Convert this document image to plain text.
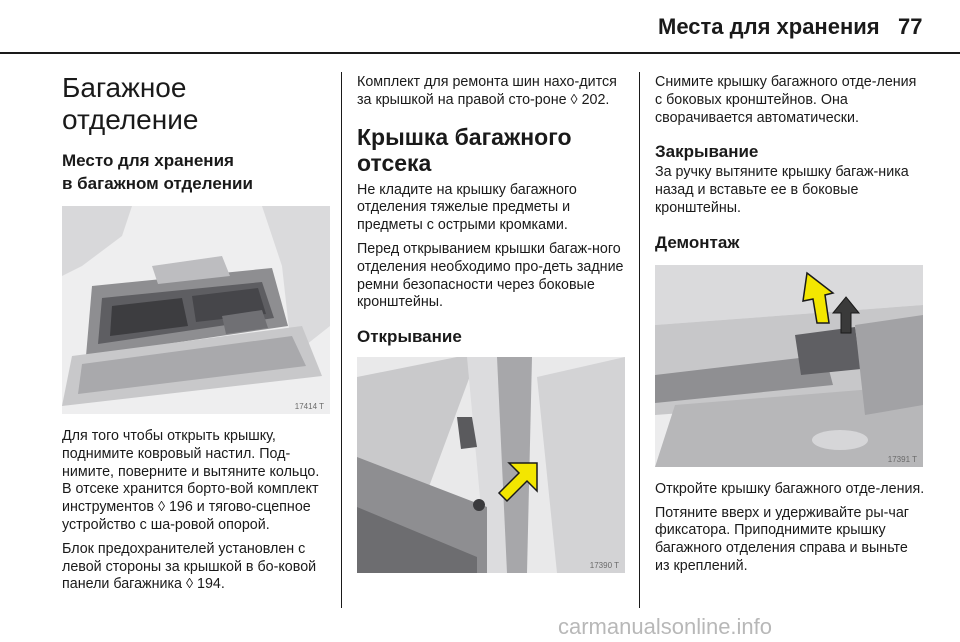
Места для хранения 77
Багажное отделение
Место для хранения
в багажном отделении
17414 T

Для того чтобы открыть крышку, поднимите ковровый настил. Под-нимите, поверните и вытяните кольцо. В отсеке хранится борто-вой комплект инструментов ◊ 196 и тягово-сцепное устройство с ша-ровой опорой.

Блок предохранителей установлен с левой стороны за крышкой в бо-ковой панели багажника ◊ 194.

Комплект для ремонта шин нахо-дится за крышкой на правой сто-роне ◊ 202.

Крышка багажного отсека

Не кладите на крышку багажного отделения тяжелые предметы и предметы с острыми кромками.

Перед открыванием крышки багаж-ного отделения необходимо про-деть задние ремни безопасности через боковые кронштейны.

Открывание
17390 T

Снимите крышку багажного отде-ления с боковых кронштейнов. Она сворачивается автоматически.

Закрывание

За ручку вытяните крышку багаж-ника назад и вставьте ее в боковые кронштейны.

Демонтаж
17391 T

Откройте крышку багажного отде-ления.

Потяните вверх и удерживайте ры-чаг фиксатора. Приподнимите крышку багажного отделения справа и выньте из креплений.

carmanualsonline.info
